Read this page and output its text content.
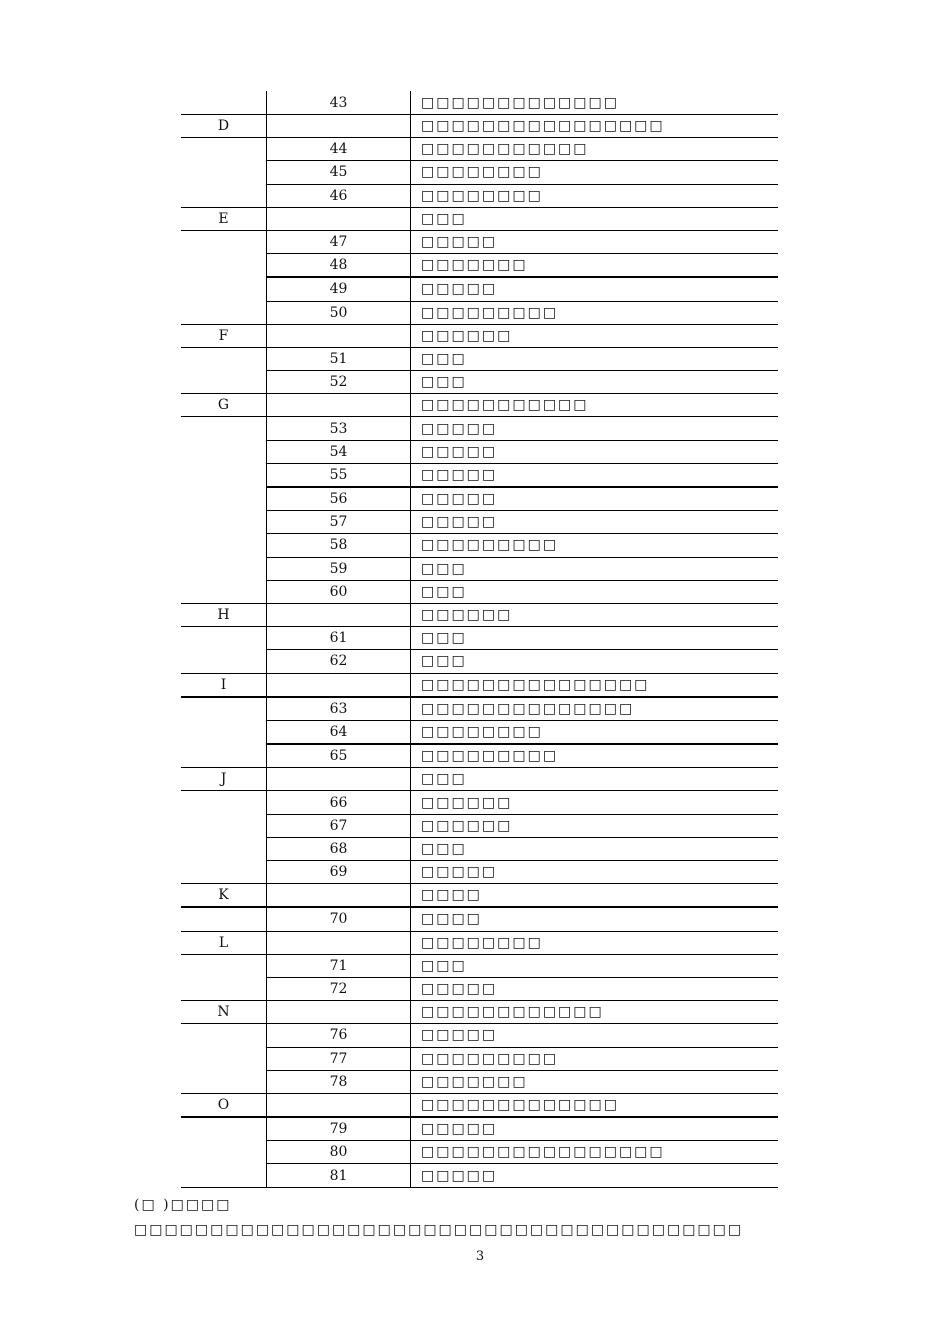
	43	□□□□□□□□□□□□□
D		□□□□□□□□□□□□□□□□
	44	□□□□□□□□□□□
	45	□□□□□□□□
	46	□□□□□□□□
E		□□□
	47	□□□□□
	48	□□□□□□□
	49	□□□□□
	50	□□□□□□□□□
F		□□□□□□
	51	□□□
	52	□□□
G		□□□□□□□□□□□
	53	□□□□□
	54	□□□□□
	55	□□□□□
	56	□□□□□
	57	□□□□□
	58	□□□□□□□□□
	59	□□□
	60	□□□
H		□□□□□□
	61	□□□
	62	□□□
I		□□□□□□□□□□□□□□□
	63	□□□□□□□□□□□□□□
	64	□□□□□□□□
	65	□□□□□□□□□
J		□□□
	66	□□□□□□
	67	□□□□□□
	68	□□□
	69	□□□□□
K		□□□□
	70	□□□□
L		□□□□□□□□
	71	□□□
	72	□□□□□
N		□□□□□□□□□□□□
	76	□□□□□
	77	□□□□□□□□□
	78	□□□□□□□
O		□□□□□□□□□□□□□
	79	□□□□□
	80	□□□□□□□□□□□□□□□□
	81	□□□□□
(□ )□□□□
□□□□□□□□□□□□□□□□□□□□□□□□□□□□□□□□□□□□□□□□
3
